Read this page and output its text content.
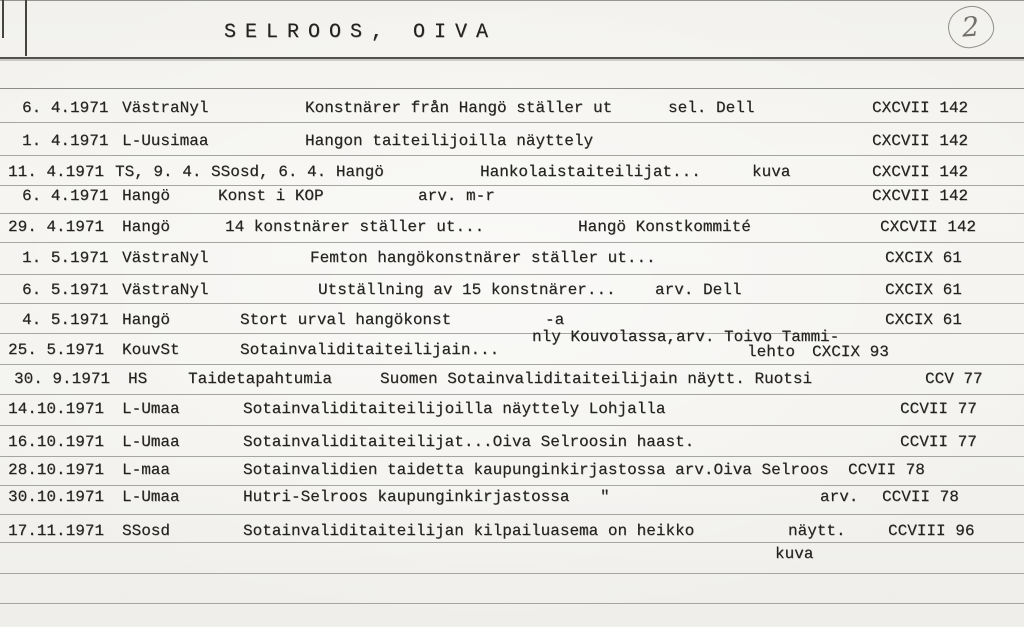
SELROOS, OIVA	2
6. 4.1971 VästraNyl	Konstnärer från Hangö ställer ut	sel. Dell	CXCVII 142
1. 4.1971 L-Uusimaa	Hangon taiteilijoilla näyttely	CXCVII 142
11. 4.1971 TS, 9. 4. SSosd, 6. 4. Hangö	Hankolaistaiteilijat...	kuva	CXCVII 142
6. 4.1971 Hangö	Konst i KOP	arv. m-r	CXCVII 142
29. 4.1971 Hangö	14 konstnärer ställer ut...	Hangö Konstkommité	CXCVII 142
1. 5.1971 VästraNyl	Femton hangökonstnärer ställer ut...	CXCIX 61
6. 5.1971 VästraNyl	Utställning av 15 konstnärer... arv. Dell	CXCIX 61
4. 5.1971 Hangö	Stort urval hangökonst	-a	CXCIX 61
25. 5.1971 KouvSt	Sotainvaliditaiteilijain...
nly Kouvolassa,arv. Toivo Tammi-
lehto CXCIX 93
30. 9.1971 HS	Taidetapahtumia	Suomen Sotainvaliditaiteilijain näytt. Ruotsi	CCV 77
14.10.1971 L-Umaa	Sotainvaliditaiteilijoilla näyttely Lohjalla	CCVII 77
16.10.1971 L-Umaa	Sotainvaliditaiteilijat...Oiva Selroosin haast.	CCVII 77
28.10.1971 L-maa	Sotainvalidien taidetta kaupunginkirjastossa arv.Oiva Selroos CCVII 78
30.10.1971 L-Umaa	Hutri-Selroos kaupunginkirjastossa "	arv. CCVII 78
17.11.1971 SSosd	Sotainvaliditaiteilijan kilpailuasema on heikko	näytt.	CCVIII 96
kuva
